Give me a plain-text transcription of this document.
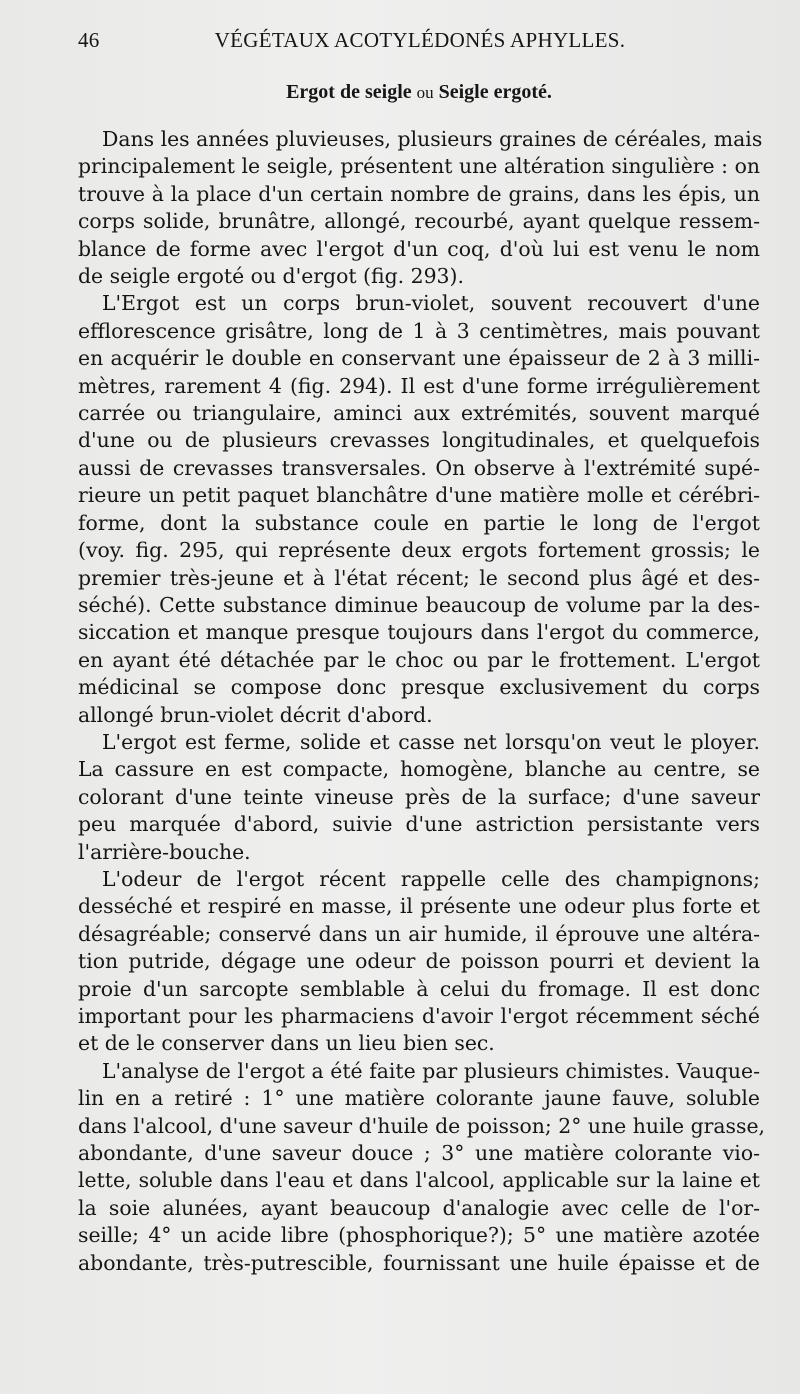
46	VÉGÉTAUX ACOTYLÉDONÉS APHYLLES.
Ergot de seigle ou Seigle ergoté.
Dans les années pluvieuses, plusieurs graines de céréales, mais
principalement le seigle, présentent une altération singulière : on
trouve à la place d'un certain nombre de grains, dans les épis, un
corps solide, brunâtre, allongé, recourbé, ayant quelque ressem-
blance de forme avec l'ergot d'un coq, d'où lui est venu le nom
de seigle ergoté ou d'ergot (fig. 293).
L'Ergot est un corps brun-violet, souvent recouvert d'une
efflorescence grisâtre, long de 1 à 3 centimètres, mais pouvant
en acquérir le double en conservant une épaisseur de 2 à 3 milli-
mètres, rarement 4 (fig. 294). Il est d'une forme irrégulièrement
carrée ou triangulaire, aminci aux extrémités, souvent marqué
d'une ou de plusieurs crevasses longitudinales, et quelquefois
aussi de crevasses transversales. On observe à l'extrémité supé-
rieure un petit paquet blanchâtre d'une matière molle et cérébri-
forme, dont la substance coule en partie le long de l'ergot
(voy. fig. 295, qui représente deux ergots fortement grossis; le
premier très-jeune et à l'état récent; le second plus âgé et des-
séché). Cette substance diminue beaucoup de volume par la des-
siccation et manque presque toujours dans l'ergot du commerce,
en ayant été détachée par le choc ou par le frottement. L'ergot
médicinal se compose donc presque exclusivement du corps
allongé brun-violet décrit d'abord.
L'ergot est ferme, solide et casse net lorsqu'on veut le ployer.
La cassure en est compacte, homogène, blanche au centre, se
colorant d'une teinte vineuse près de la surface; d'une saveur
peu marquée d'abord, suivie d'une astriction persistante vers
l'arrière-bouche.
L'odeur de l'ergot récent rappelle celle des champignons;
desséché et respiré en masse, il présente une odeur plus forte et
désagréable; conservé dans un air humide, il éprouve une altéra-
tion putride, dégage une odeur de poisson pourri et devient la
proie d'un sarcopte semblable à celui du fromage. Il est donc
important pour les pharmaciens d'avoir l'ergot récemment séché
et de le conserver dans un lieu bien sec.
L'analyse de l'ergot a été faite par plusieurs chimistes. Vauque-
lin en a retiré : 1° une matière colorante jaune fauve, soluble
dans l'alcool, d'une saveur d'huile de poisson; 2° une huile grasse,
abondante, d'une saveur douce ; 3° une matière colorante vio-
lette, soluble dans l'eau et dans l'alcool, applicable sur la laine et
la soie alunées, ayant beaucoup d'analogie avec celle de l'or-
seille; 4° un acide libre (phosphorique?); 5° une matière azotée
abondante, très-putrescible, fournissant une huile épaisse et de
